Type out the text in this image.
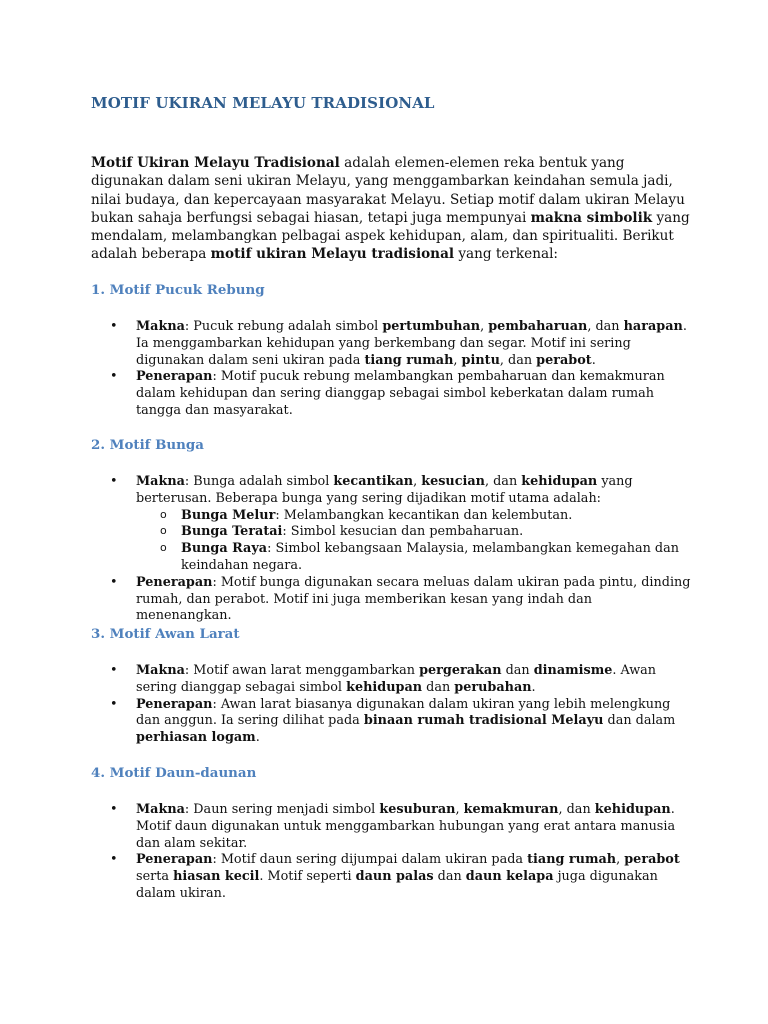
MOTIF UKIRAN MELAYU TRADISIONAL

Motif Ukiran Melayu Tradisional adalah elemen-elemen reka bentuk yang digunakan dalam seni ukiran Melayu, yang menggambarkan keindahan semula jadi, nilai budaya, dan kepercayaan masyarakat Melayu. Setiap motif dalam ukiran Melayu bukan sahaja berfungsi sebagai hiasan, tetapi juga mempunyai makna simbolik yang mendalam, melambangkan pelbagai aspek kehidupan, alam, dan spiritualiti. Berikut adalah beberapa motif ukiran Melayu tradisional yang terkenal:

1. Motif Pucuk Rebung
• Makna: Pucuk rebung adalah simbol pertumbuhan, pembaharuan, dan harapan. Ia menggambarkan kehidupan yang berkembang dan segar. Motif ini sering digunakan dalam seni ukiran pada tiang rumah, pintu, dan perabot.
• Penerapan: Motif pucuk rebung melambangkan pembaharuan dan kemakmuran dalam kehidupan dan sering dianggap sebagai simbol keberkatan dalam rumah tangga dan masyarakat.
2. Motif Bunga
• Makna: Bunga adalah simbol kecantikan, kesucian, dan kehidupan yang berterusan. Beberapa bunga yang sering dijadikan motif utama adalah:
o Bunga Melur: Melambangkan kecantikan dan kelembutan.
o Bunga Teratai: Simbol kesucian dan pembaharuan.
o Bunga Raya: Simbol kebangsaan Malaysia, melambangkan kemegahan dan keindahan negara.
• Penerapan: Motif bunga digunakan secara meluas dalam ukiran pada pintu, dinding rumah, dan perabot. Motif ini juga memberikan kesan yang indah dan menenangkan.
3. Motif Awan Larat
• Makna: Motif awan larat menggambarkan pergerakan dan dinamisme. Awan sering dianggap sebagai simbol kehidupan dan perubahan.
• Penerapan: Awan larat biasanya digunakan dalam ukiran yang lebih melengkung dan anggun. Ia sering dilihat pada binaan rumah tradisional Melayu dan dalam perhiasan logam.
4. Motif Daun-daunan
• Makna: Daun sering menjadi simbol kesuburan, kemakmuran, dan kehidupan. Motif daun digunakan untuk menggambarkan hubungan yang erat antara manusia dan alam sekitar.
• Penerapan: Motif daun sering dijumpai dalam ukiran pada tiang rumah, perabot serta hiasan kecil. Motif seperti daun palas dan daun kelapa juga digunakan dalam ukiran.
